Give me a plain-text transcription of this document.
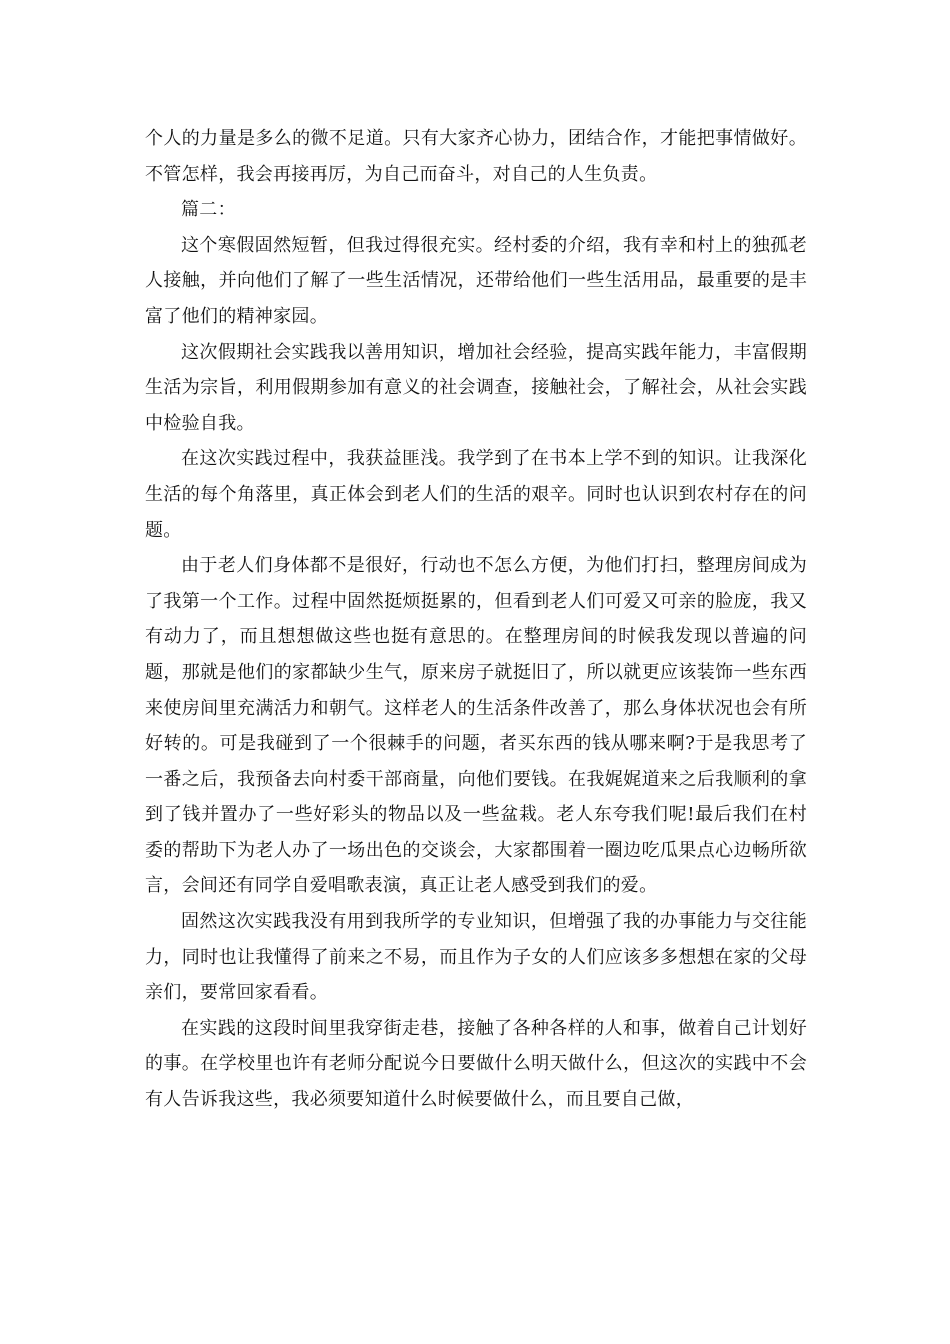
个人的力量是多么的微不足道。只有大家齐心协力，团结合作，才能把事情做好。不管怎样，我会再接再厉，为自己而奋斗，对自己的人生负责。

篇二：

这个寒假固然短暂，但我过得很充实。经村委的介绍，我有幸和村上的独孤老人接触，并向他们了解了一些生活情况，还带给他们一些生活用品，最重要的是丰富了他们的精神家园。

这次假期社会实践我以善用知识，增加社会经验，提高实践年能力，丰富假期生活为宗旨，利用假期参加有意义的社会调查，接触社会，了解社会，从社会实践中检验自我。

在这次实践过程中，我获益匪浅。我学到了在书本上学不到的知识。让我深化生活的每个角落里，真正体会到老人们的生活的艰辛。同时也认识到农村存在的问题。

由于老人们身体都不是很好，行动也不怎么方便，为他们打扫，整理房间成为了我第一个工作。过程中固然挺烦挺累的，但看到老人们可爱又可亲的脸庞，我又有动力了，而且想想做这些也挺有意思的。在整理房间的时候我发现以普遍的问题，那就是他们的家都缺少生气，原来房子就挺旧了，所以就更应该装饰一些东西来使房间里充满活力和朝气。这样老人的生活条件改善了，那么身体状况也会有所好转的。可是我碰到了一个很棘手的问题，者买东西的钱从哪来啊?于是我思考了一番之后，我预备去向村委干部商量，向他们要钱。在我娓娓道来之后我顺利的拿到了钱并置办了一些好彩头的物品以及一些盆栽。老人东夸我们呢!最后我们在村委的帮助下为老人办了一场出色的交谈会，大家都围着一圈边吃瓜果点心边畅所欲言，会间还有同学自爱唱歌表演，真正让老人感受到我们的爱。

固然这次实践我没有用到我所学的专业知识，但增强了我的办事能力与交往能力，同时也让我懂得了前来之不易，而且作为子女的人们应该多多想想在家的父母亲们，要常回家看看。

在实践的这段时间里我穿街走巷，接触了各种各样的人和事，做着自己计划好的事。在学校里也许有老师分配说今日要做什么明天做什么，但这次的实践中不会有人告诉我这些，我必须要知道什么时候要做什么，而且要自己做，
